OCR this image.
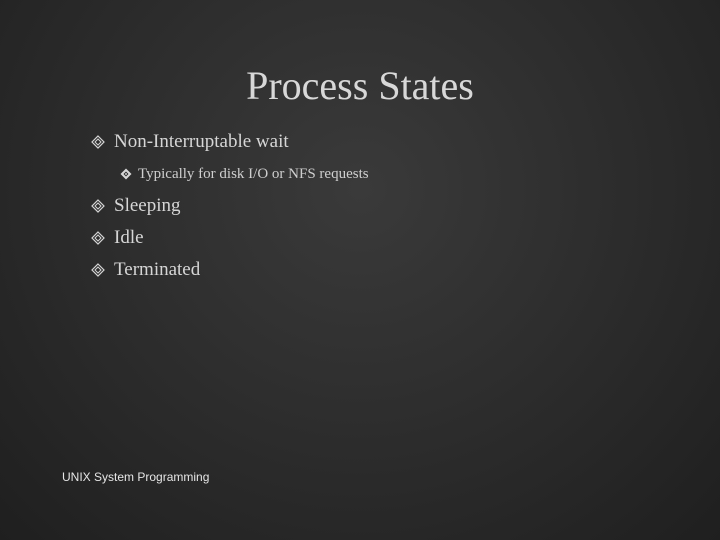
Process States
Non-Interruptable wait
Typically for disk I/O or NFS requests
Sleeping
Idle
Terminated
UNIX System Programming
